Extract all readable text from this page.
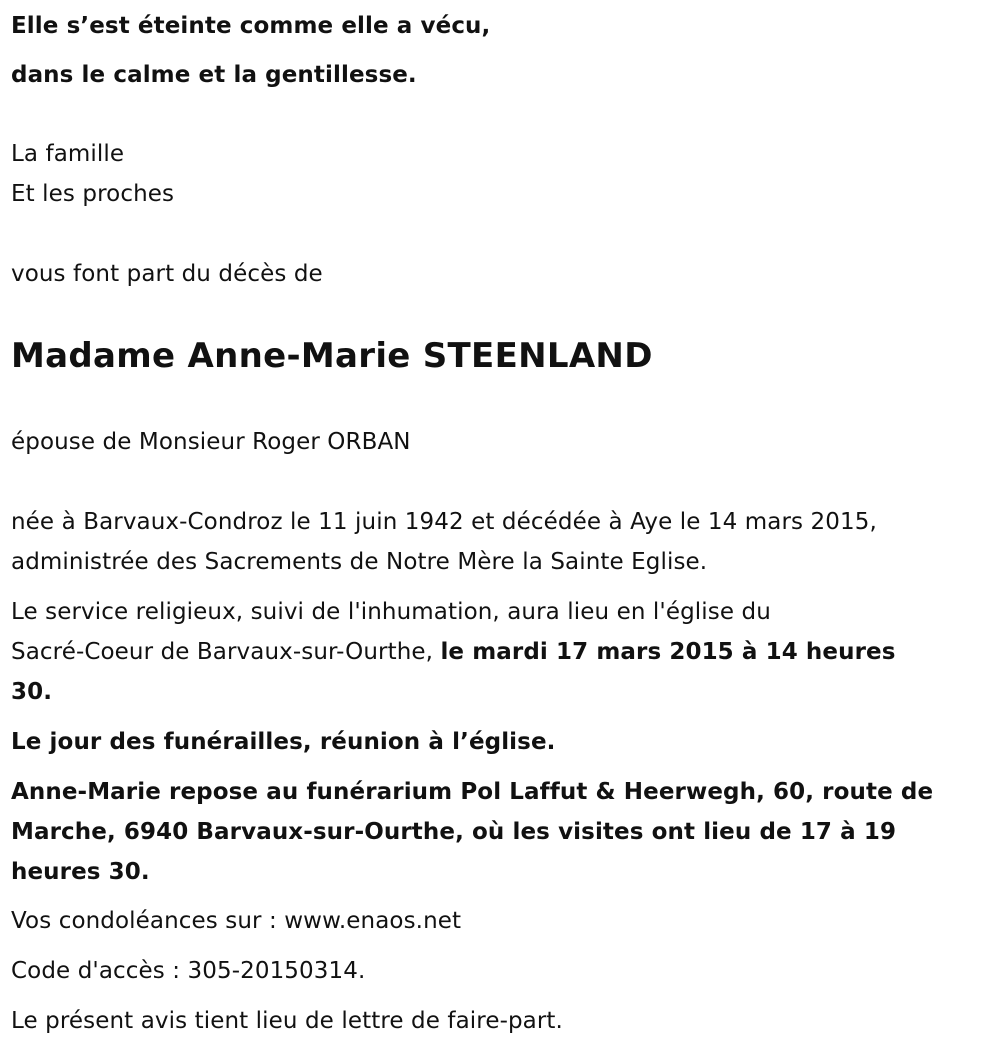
Elle s’est éteinte comme elle a vécu,
dans le calme et la gentillesse.
La famille
Et les proches
vous font part du décès de
Madame Anne-Marie STEENLAND
épouse de Monsieur Roger ORBAN
née à Barvaux-Condroz le 11 juin 1942 et décédée à Aye le 14 mars 2015,
administrée des Sacrements de Notre Mère la Sainte Eglise.
Le service religieux, suivi de l'inhumation, aura lieu en l'église du
Sacré-Coeur de Barvaux-sur-Ourthe, le mardi 17 mars 2015 à 14 heures
30.
Le jour des funérailles, réunion à l’église.
Anne-Marie repose au funérarium Pol Laffut & Heerwegh, 60, route de
Marche, 6940 Barvaux-sur-Ourthe, où les visites ont lieu de 17 à 19
heures 30.
Vos condoléances sur : www.enaos.net
Code d'accès : 305-20150314.
Le présent avis tient lieu de lettre de faire-part.
